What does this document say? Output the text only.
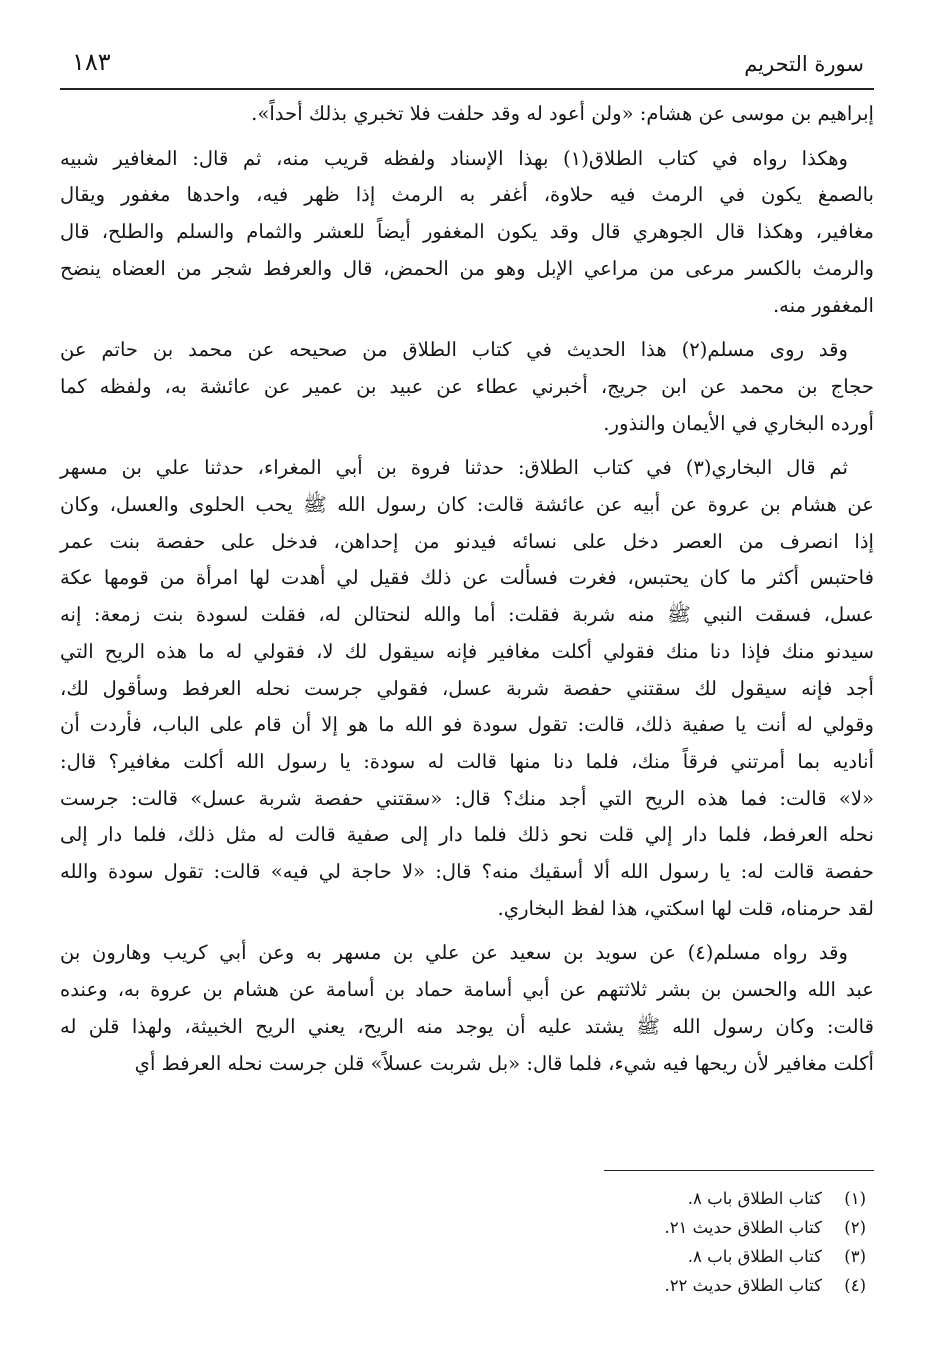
سورة التحريم
١٨٣
إبراهيم بن موسى عن هشام: «ولن أعود له وقد حلفت فلا تخبري بذلك أحداً».
وهكذا رواه في كتاب الطلاق(١) بهذا الإسناد ولفظه قريب منه، ثم قال: المغافير شبيه
بالصمغ يكون في الرمث فيه حلاوة، أغفر به الرمث إذا ظهر فيه، واحدها مغفور ويقال
مغافير، وهكذا قال الجوهري قال وقد يكون المغفور أيضاً للعشر والثمام والسلم والطلح، قال
والرمث بالكسر مرعى من مراعي الإبل وهو من الحمض، قال والعرفط شجر من العضاه ينضح
المغفور منه.
وقد روى مسلم(٢) هذا الحديث في كتاب الطلاق من صحيحه عن محمد بن حاتم عن
حجاج بن محمد عن ابن جريج، أخبرني عطاء عن عبيد بن عمير عن عائشة به، ولفظه كما
أورده البخاري في الأيمان والنذور.
ثم قال البخاري(٣) في كتاب الطلاق: حدثنا فروة بن أبي المغراء، حدثنا علي بن مسهر
عن هشام بن عروة عن أبيه عن عائشة قالت: كان رسول الله ﷺ يحب الحلوى والعسل، وكان
إذا انصرف من العصر دخل على نسائه فيدنو من إحداهن، فدخل على حفصة بنت عمر
فاحتبس أكثر ما كان يحتبس، فغرت فسألت عن ذلك فقيل لي أهدت لها امرأة من قومها عكة
عسل، فسقت النبي ﷺ منه شربة فقلت: أما والله لنحتالن له، فقلت لسودة بنت زمعة: إنه
سيدنو منك فإذا دنا منك فقولي أكلت مغافير فإنه سيقول لك لا، فقولي له ما هذه الريح التي
أجد فإنه سيقول لك سقتني حفصة شربة عسل، فقولي جرست نحله العرفط وسأقول لك،
وقولي له أنت يا صفية ذلك، قالت: تقول سودة فو الله ما هو إلا أن قام على الباب، فأردت أن
أناديه بما أمرتني فرقاً منك، فلما دنا منها قالت له سودة: يا رسول الله أكلت مغافير؟ قال:
«لا» قالت: فما هذه الريح التي أجد منك؟ قال: «سقتني حفصة شربة عسل» قالت: جرست
نحله العرفط، فلما دار إلي قلت نحو ذلك فلما دار إلى صفية قالت له مثل ذلك، فلما دار إلى
حفصة قالت له: يا رسول الله ألا أسقيك منه؟ قال: «لا حاجة لي فيه» قالت: تقول سودة والله
لقد حرمناه، قلت لها اسكتي، هذا لفظ البخاري.
وقد رواه مسلم(٤) عن سويد بن سعيد عن علي بن مسهر به وعن أبي كريب وهارون بن
عبد الله والحسن بن بشر ثلاثتهم عن أبي أسامة حماد بن أسامة عن هشام بن عروة به، وعنده
قالت: وكان رسول الله ﷺ يشتد عليه أن يوجد منه الريح، يعني الريح الخبيثة، ولهذا قلن له
أكلت مغافير لأن ريحها فيه شيء، فلما قال: «بل شربت عسلاً» قلن جرست نحله العرفط أي
(١)كتاب الطلاق باب ٨.
(٢)كتاب الطلاق حديث ٢١.
(٣)كتاب الطلاق باب ٨.
(٤)كتاب الطلاق حديث ٢٢.
